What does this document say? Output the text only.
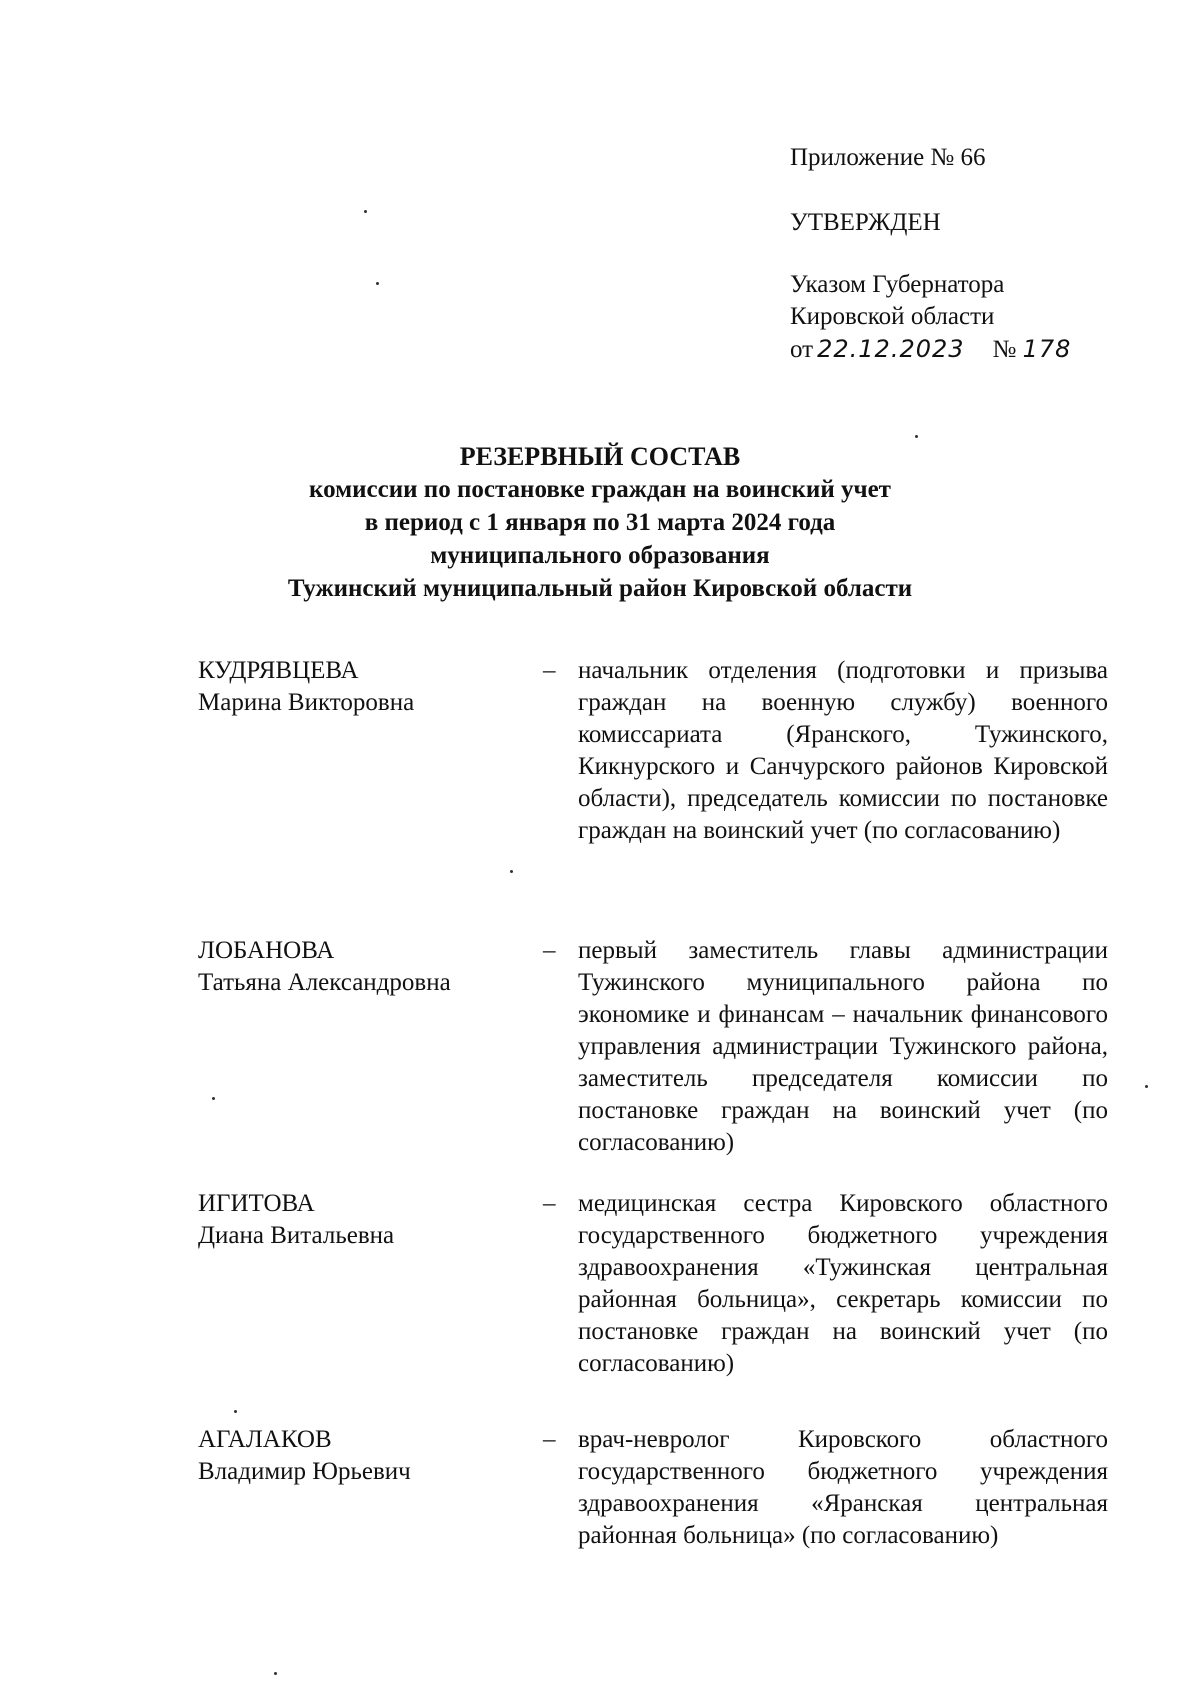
Приложение № 66
УТВЕРЖДЕН
Указом Губернатора
Кировской области
от 22.12.2023 № 178
РЕЗЕРВНЫЙ СОСТАВ
комиссии по постановке граждан на воинский учет
в период с 1 января по 31 марта 2024 года
муниципального образования
Тужинский муниципальный район Кировской области
КУДРЯВЦЕВА
Марина Викторовна
– начальник отделения (подготовки и призыва граждан на военную службу) военного комиссариата (Яранского, Тужинского, Кикнурского и Санчурского районов Кировской области), председатель комиссии по постановке граждан на воинский учет (по согласованию)
ЛОБАНОВА
Татьяна Александровна
– первый заместитель главы администрации Тужинского муниципального района по экономике и финансам – начальник финансового управления администрации Тужинского района, заместитель председателя комиссии по постановке граждан на воинский учет (по согласованию)
ИГИТОВА
Диана Витальевна
– медицинская сестра Кировского областного государственного бюджетного учреждения здравоохранения «Тужинская центральная районная больница», секретарь комиссии по постановке граждан на воинский учет (по согласованию)
АГАЛАКОВ
Владимир Юрьевич
– врач-невролог Кировского областного государственного бюджетного учреждения здравоохранения «Яранская центральная районная больница» (по согласованию)
